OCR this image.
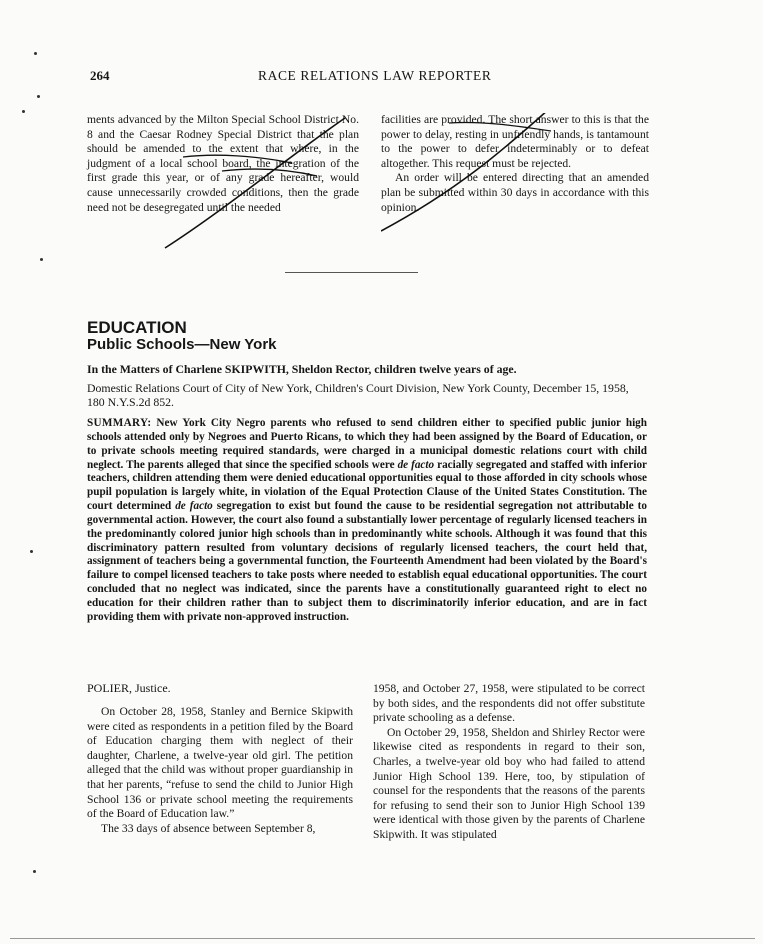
264	RACE RELATIONS LAW REPORTER

ments advanced by the Milton Special School District No. 8 and the Caesar Rodney Special District that the plan should be amended to the extent that where, in the judgment of a local school board, the integration of the first grade this year, or of any grade hereafter, would cause unnecessarily crowded conditions, then the grade need not be desegregated until the needed

facilities are provided. The short answer to this is that the power to delay, resting in unfriendly hands, is tantamount to the power to defer indeterminably or to defeat altogether. This request must be rejected.

An order will be entered directing that an amended plan be submitted within 30 days in accordance with this opinion.

EDUCATION
Public Schools—New York
In the Matters of Charlene SKIPWITH, Sheldon Rector, children twelve years of age.
Domestic Relations Court of City of New York, Children's Court Division, New York County, December 15, 1958, 180 N.Y.S.2d 852.
SUMMARY: New York City Negro parents who refused to send children either to specified public junior high schools attended only by Negroes and Puerto Ricans, to which they had been assigned by the Board of Education, or to private schools meeting required standards, were charged in a municipal domestic relations court with child neglect. The parents alleged that since the specified schools were de facto racially segregated and staffed with inferior teachers, children attending them were denied educational opportunities equal to those afforded in city schools whose pupil population is largely white, in violation of the Equal Protection Clause of the United States Constitution. The court determined de facto segregation to exist but found the cause to be residential segregation not attributable to governmental action. However, the court also found a substantially lower percentage of regularly licensed teachers in the predominantly colored junior high schools than in predominantly white schools. Although it was found that this discriminatory pattern resulted from voluntary decisions of regularly licensed teachers, the court held that, assignment of teachers being a governmental function, the Fourteenth Amendment had been violated by the Board's failure to compel licensed teachers to take posts where needed to establish equal educational opportunities. The court concluded that no neglect was indicated, since the parents have a constitutionally guaranteed right to elect no education for their children rather than to subject them to discriminatorily inferior education, and are in fact providing them with private non-approved instruction.
POLIER, Justice.

On October 28, 1958, Stanley and Bernice Skipwith were cited as respondents in a petition filed by the Board of Education charging them with neglect of their daughter, Charlene, a twelve-year old girl. The petition alleged that the child was without proper guardianship in that her parents, “refuse to send the child to Junior High School 136 or private school meeting the requirements of the Board of Education law.”

The 33 days of absence between September 8,

1958, and October 27, 1958, were stipulated to be correct by both sides, and the respondents did not offer substitute private schooling as a defense.

On October 29, 1958, Sheldon and Shirley Rector were likewise cited as respondents in regard to their son, Charles, a twelve-year old boy who had failed to attend Junior High School 139. Here, too, by stipulation of counsel for the respondents that the reasons of the parents for refusing to send their son to Junior High School 139 were identical with those given by the parents of Charlene Skipwith. It was stipulated
